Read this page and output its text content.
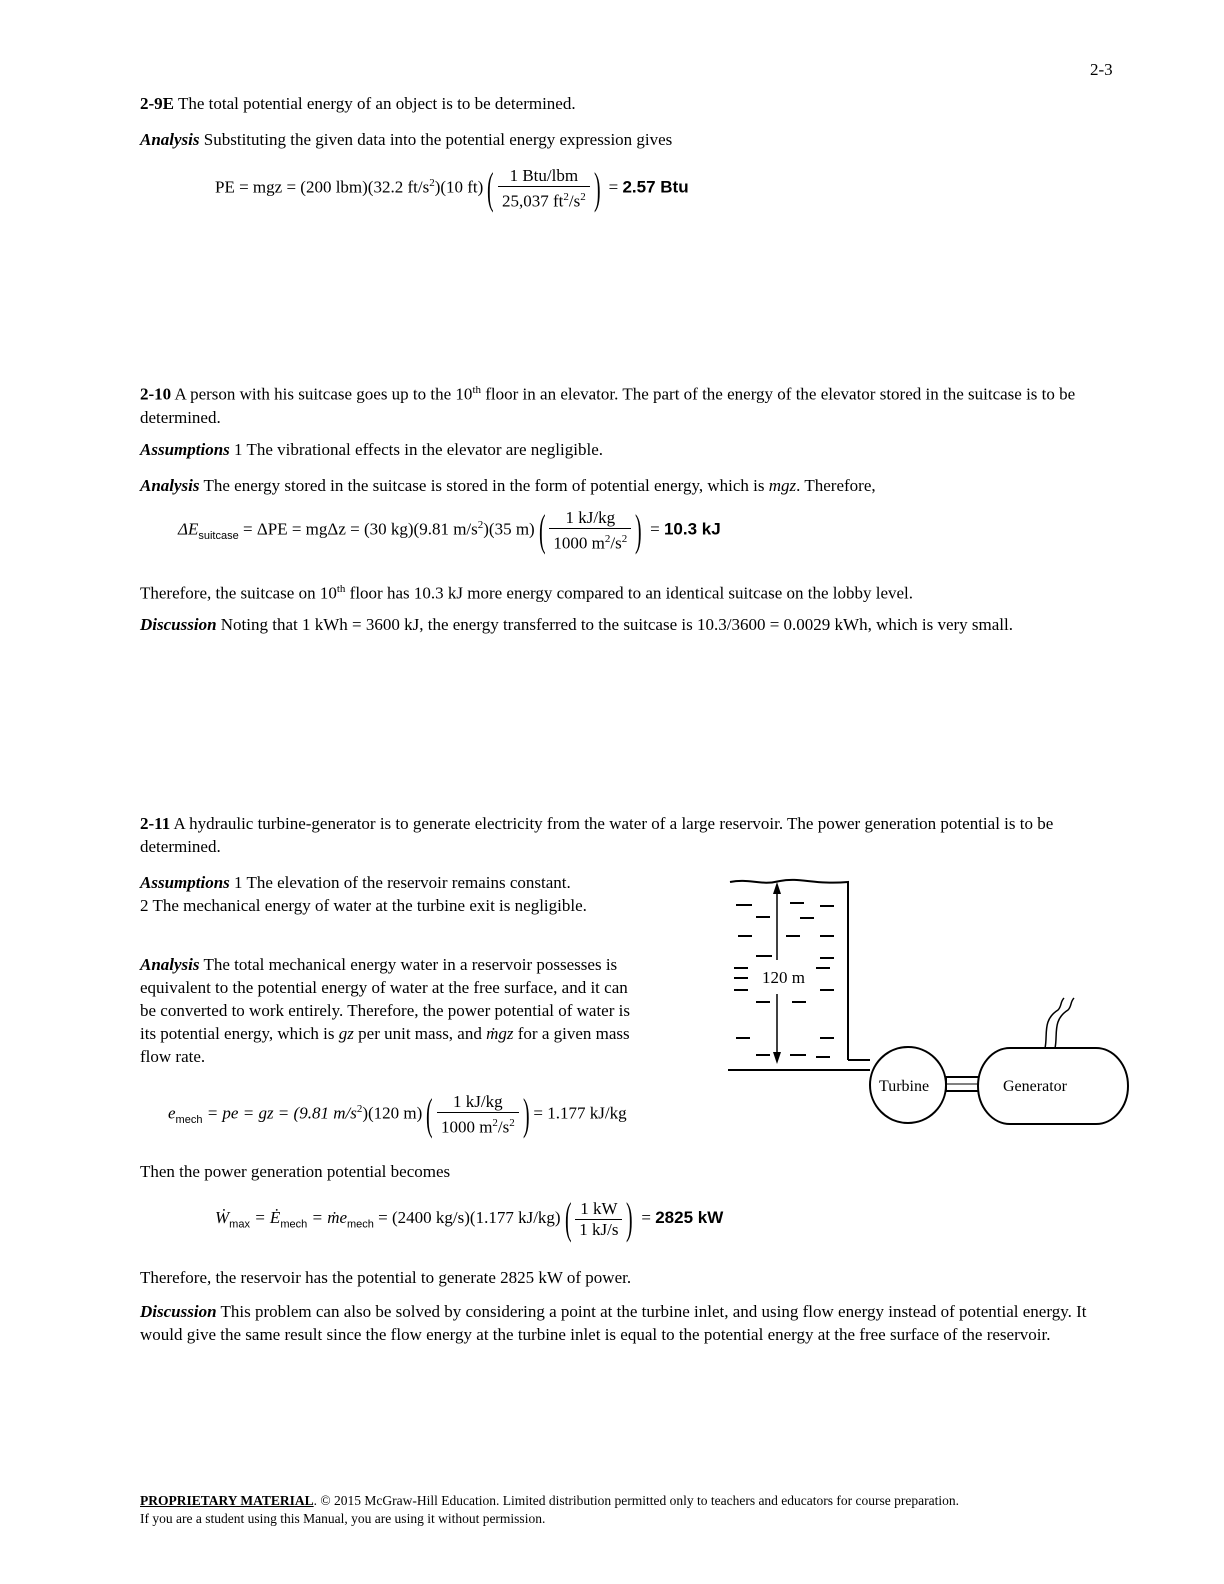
2-3
2-9E The total potential energy of an object is to be determined.
Analysis Substituting the given data into the potential energy expression gives
PE = mgz = (200 lbm)(32.2 $ft/s^2)(10$ $ft)( \frac{\text{1 Btu/lbm}}{25,037 ft^2/s^2}$ ) = 2.57 Btu
2-10 A person with his suitcase goes up to the 10th floor in an elevator. The part of the energy of the elevator stored in the suitcase is to be determined.
Assumptions 1 The vibrational effects in the elevator are negligible.
Analysis The energy stored in the suitcase is stored in the form of potential energy, which is mgz. Therefore,
$\Delta E_{suitcase} = \Delta PE = mg\Delta z = (30$ kg)(9.81 $m/s^2)(35$ $m)( \frac{1 kJ/kg}{1000 m^2/s^2}$ ) = 10.3 kJ
Therefore, the suitcase on 10th floor has 10.3 kJ more energy compared to an identical suitcase on the lobby level.
Discussion Noting that 1 kWh = 3600 kJ, the energy transferred to the suitcase is 10.3/3600 = 0.0029 kWh, which is very small.
2-11 A hydraulic turbine-generator is to generate electricity from the water of a large reservoir. The power generation potential is to be determined.
Assumptions 1 The elevation of the reservoir remains constant.
2 The mechanical energy of water at the turbine exit is negligible.
Analysis The total mechanical energy water in a reservoir possesses is equivalent to the potential energy of water at the free surface, and it can be converted to work entirely. Therefore, the power potential of water is its potential energy, which is gz per unit mass, and ṁgz for a given mass flow rate.
$e_{mech}$ = pe = gz = (9.81 $m/s^2)(120$ $m)( \frac{1 kJ/kg}{1000 m^2/s^2}$ ) = 1.177 kJ/kg
Then the power generation potential becomes
Ẇ$_{max}$ = $Ė_{mech}$ = ṁe$_{mech}$ = (2400 kg/s)(1.177 $kJ/kg)( \frac{1 kW}{1 kJ/s}$ ) = 2825 kW
Therefore, the reservoir has the potential to generate 2825 kW of power.
Discussion This problem can also be solved by considering a point at the turbine inlet, and using flow energy instead of potential energy. It would give the same result since the flow energy at the turbine inlet is equal to the potential energy at the free surface of the reservoir.
120 m
Turbine	Generator
PROPRIETARY MATERIAL. © 2015 McGraw-Hill Education. Limited distribution permitted only to teachers and educators for course preparation.
If you are a student using this Manual, you are using it without permission.
